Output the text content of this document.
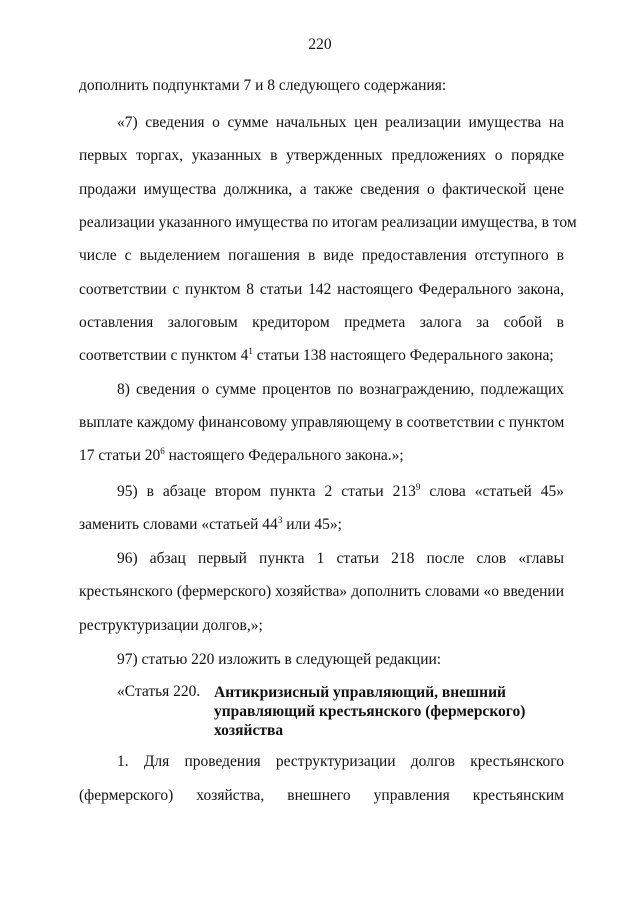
220
дополнить подпунктами 7 и 8 следующего содержания:
«7) сведения о сумме начальных цен реализации имущества на
первых торгах, указанных в утвержденных предложениях о порядке
продажи имущества должника, а также сведения о фактической цене
реализации указанного имущества по итогам реализации имущества, в том
числе с выделением погашения в виде предоставления отступного в
соответствии с пунктом 8 статьи 142 настоящего Федерального закона,
оставления залоговым кредитором предмета залога за собой в
соответствии с пунктом $4^1$ статьи 138 настоящего Федерального закона;
8) сведения о сумме процентов по вознаграждению, подлежащих
выплате каждому финансовому управляющему в соответствии с пунктом
17 статьи $20^6$ настоящего Федерального закона.»;
95) в абзаце втором пункта 2 статьи $213^9$ слова «статьей 45»
заменить словами «статьей $44^3$ или 45»;
96) абзац первый пункта 1 статьи 218 после слов «главы
крестьянского (фермерского) хозяйства» дополнить словами «о введении
реструктуризации долгов,»;
97) статью 220 изложить в следующей редакции:
«Статья 220. Антикризисный управляющий, внешний управляющий крестьянского (фермерского) хозяйства
1. Для проведения реструктуризации долгов крестьянского
(фермерского) хозяйства, внешнего управления крестьянским
